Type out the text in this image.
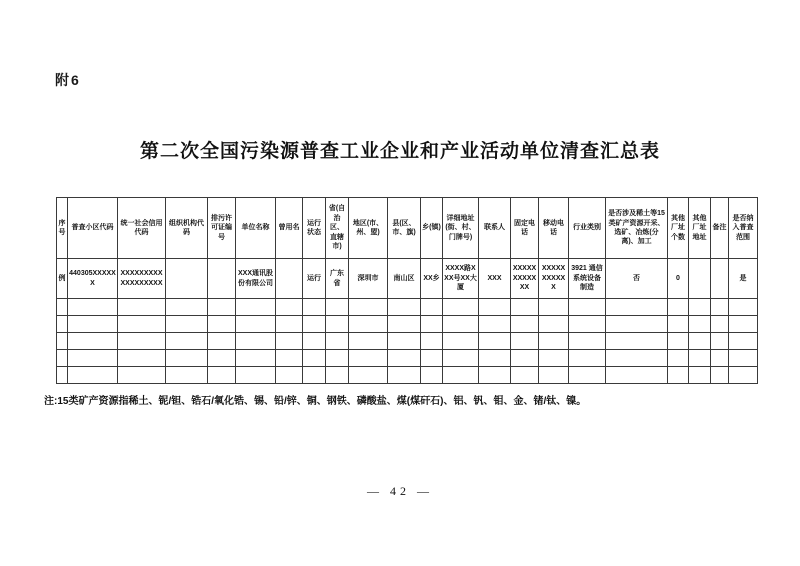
附6
第二次全国污染源普查工业企业和产业活动单位清查汇总表
序号	普查小区代码	统一社会信用代码	组织机构代码	排污许可证编号	单位名称	曾用名	运行状态	省(自治区、直辖市)	地区(市、州、盟)	县(区、市、旗)	乡(镇)	详细地址(街、村、门牌号)	联系人	固定电话	移动电话	行业类别	是否涉及稀土等15类矿产资源开采、选矿、冶炼(分离)、加工	其他厂址个数	其他厂址地址	备注	是否纳入普查范围
例	440305XXXXXX	XXXXXXXXXXXXXXXXXX			XXX通讯股份有限公司		运行	广东省	深圳市	南山区	XX乡	XXXX路XXX号XX大厦	XXX	XXXXXXXXXXXX	XXXXXXXXXXX	3921 通信系统设备制造	否	0			是

注:15类矿产资源指稀土、铌/钽、锆石/氧化锆、锡、铅/锌、铜、钢铁、磷酸盐、煤(煤矸石)、铝、钒、钼、金、锗/钛、镍。
— 42 —
